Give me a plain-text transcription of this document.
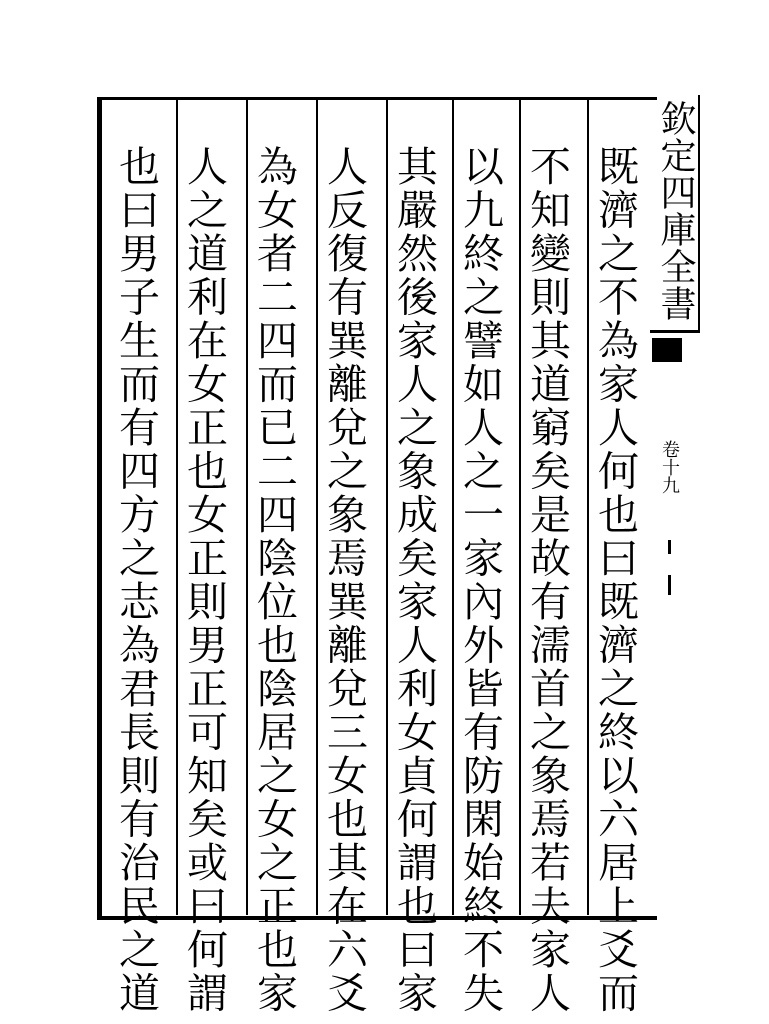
既濟之不為家人何也曰既濟之終以六居上爻而
不知變則其道窮矣是故有濡首之象焉若夫家人
以九終之譬如人之一家內外皆有防閑始終不失
其嚴然後家人之象成矣家人利女貞何謂也曰家
人反復有巽離兌之象焉巽離兌三女也其在六爻
為女者二四而已二四陰位也陰居之女之正也家
人之道利在女正也女正則男正可知矣或曰何謂
也曰男子生而有四方之志為君長則有治民之道	欽定四庫全書
卷十九
